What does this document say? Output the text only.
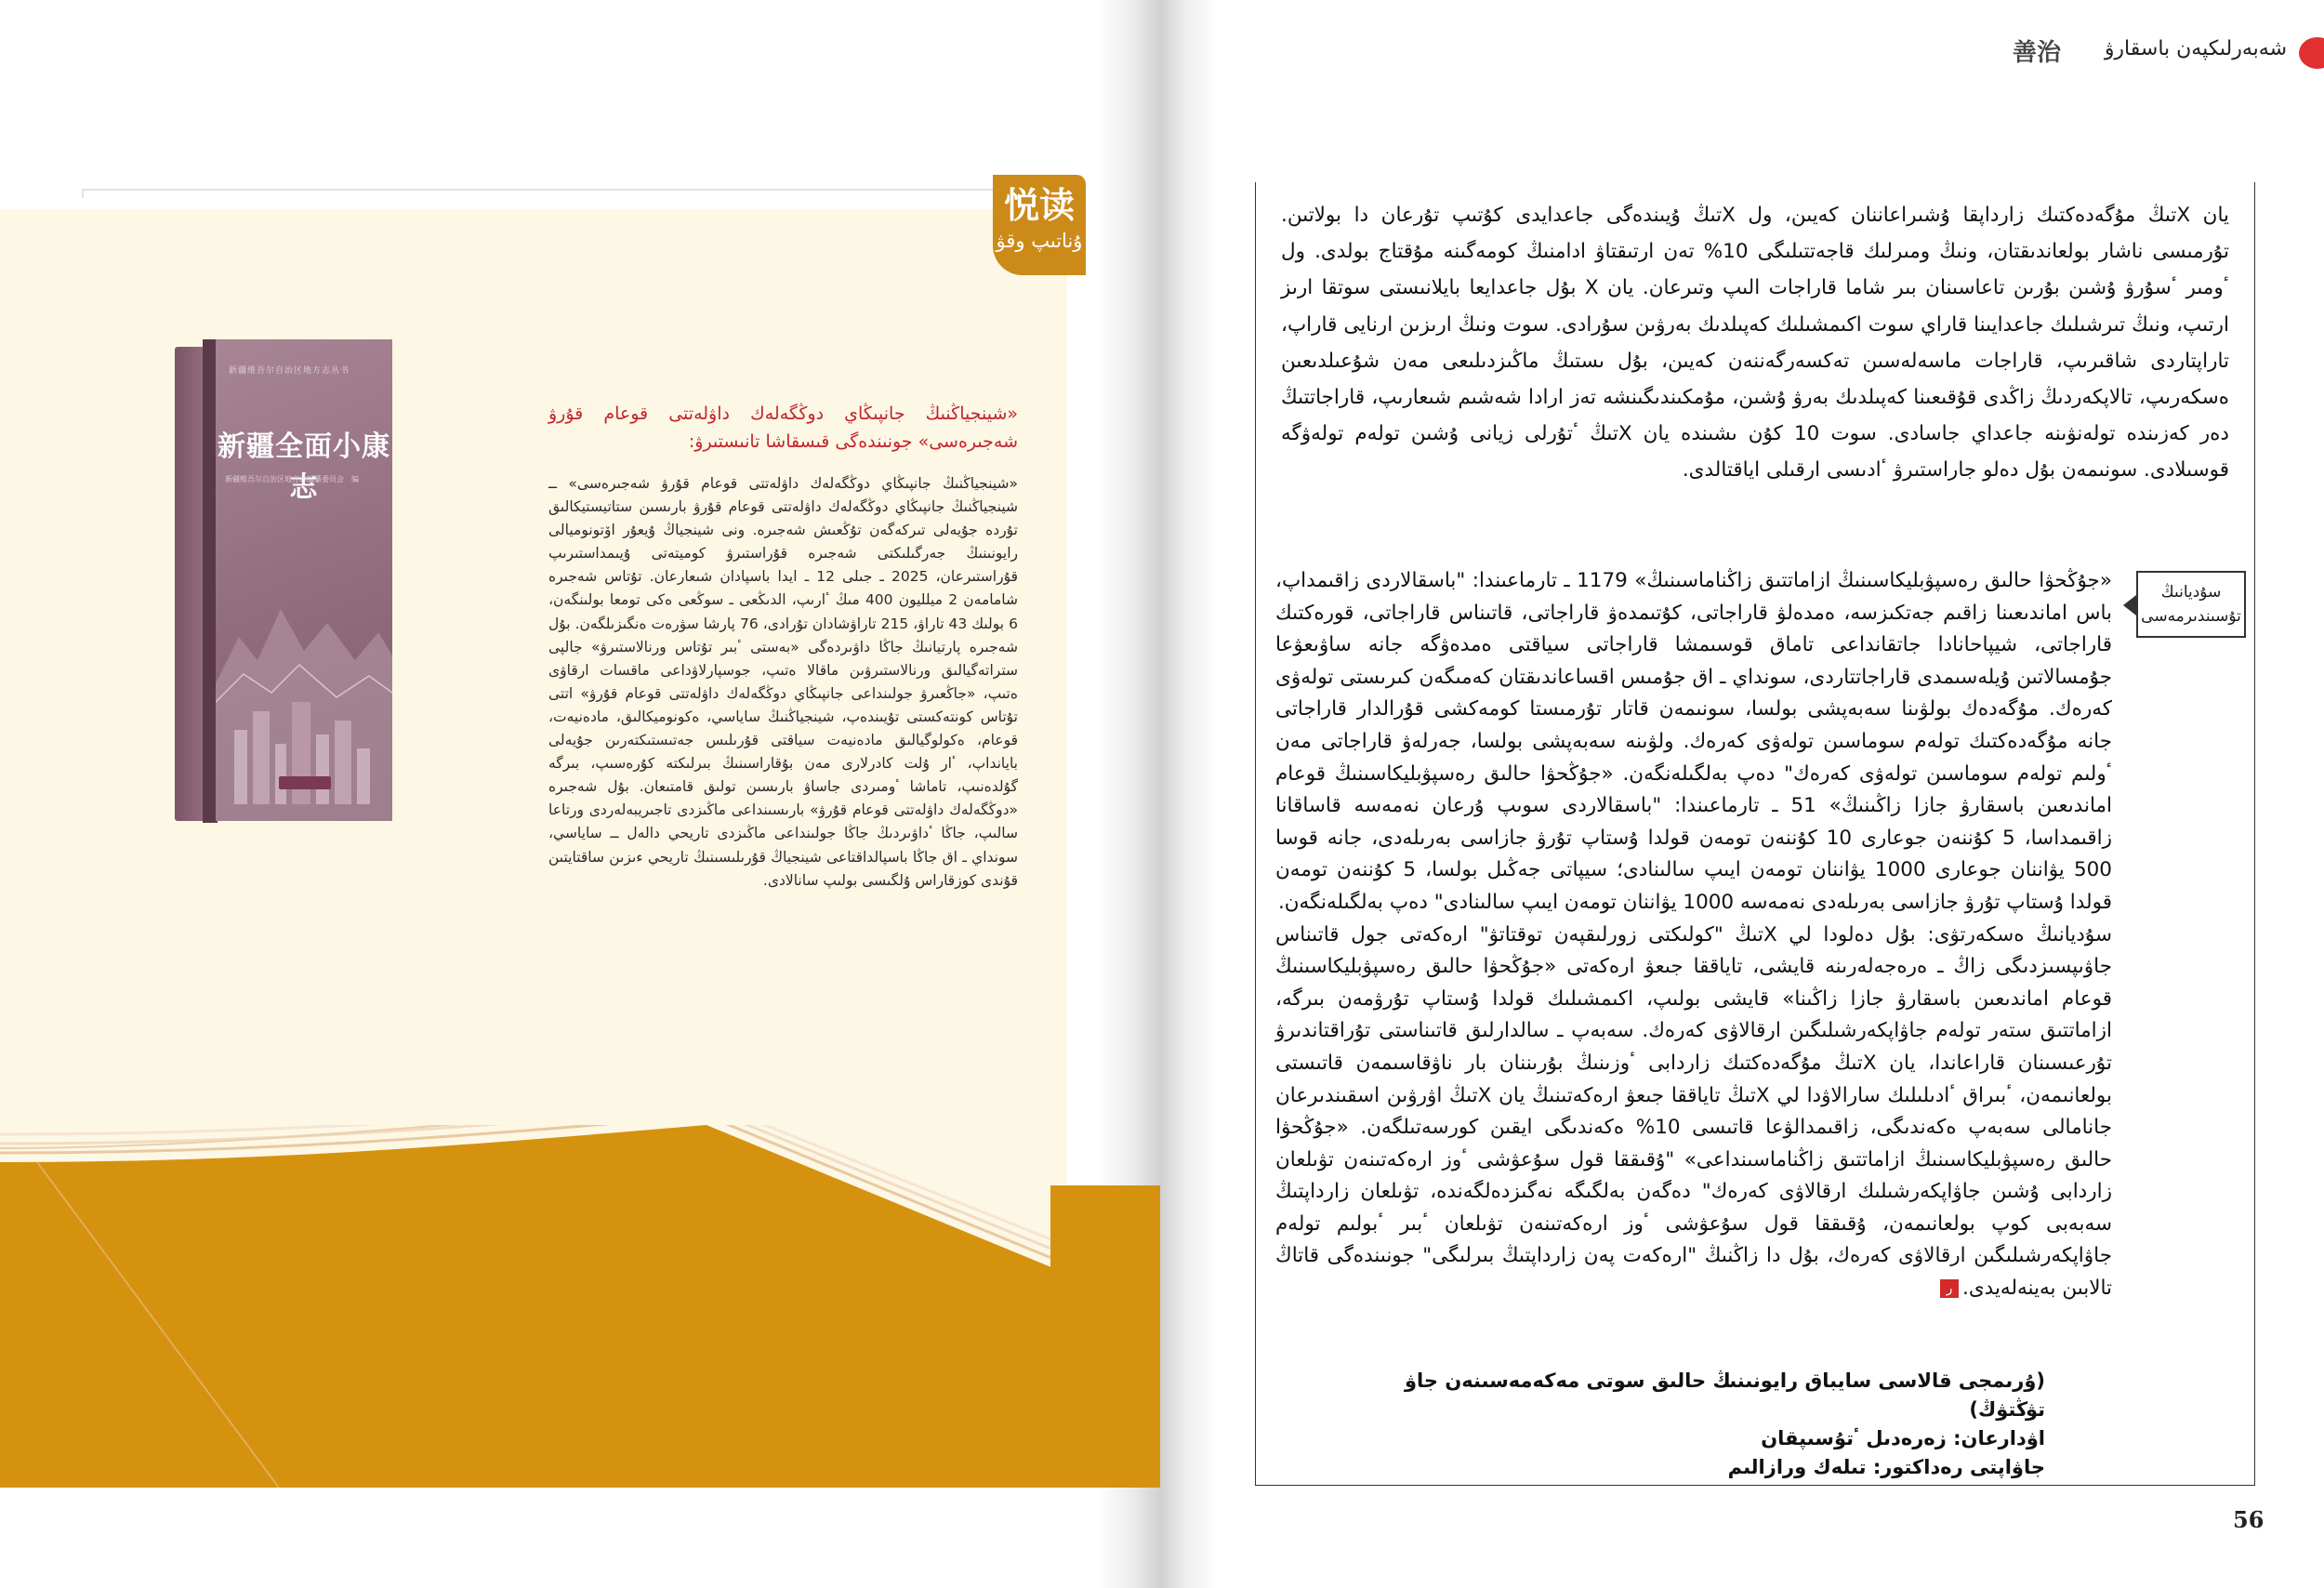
悦读
ۇناتىپ وقۋ
新疆维吾尔自治区地方志丛书
新疆全面小康志
新疆维吾尔自治区地方志编纂委员会　编
«شينجياڭنىڭ جانپىڭاي دوڭگەلەك داۋلەتتى قوعام قۇرۋ شەجىرەسى» جونىندەگى قىسقاشا تانىستىرۋ:
«شينجياڭنىڭ جانپىڭاي دوڭگەلەك داۋلەتتى قوعام قۇرۋ شەجىرەسى» ــ شينجياڭنىڭ جانپىڭاي دوڭگەلەك داۋلەتتى قوعام قۇرۋ بارىسىن ستاتيستيكالىق تۇردە جۇيەلى تىركەگەن تۇڭعىش شەجىرە. ونى شينجياڭ ۇيعۇر اۆتونوميالى رايونىنىڭ جەرگىلىكتى شەجىرە قۇراستىرۋ كوميتەتى ۇيىمداستىرىپ قۇراستىرعان، 2025 ـ جىلى 12 ـ ايدا باسپادان شىعارعان. تۇتاس شەجىرە شامامەن 2 ميلليون 400 مىڭ ٴارىپ، الدىڭعى ـ سوڭعى ەكى تومعا بولىنگەن، 6 بولىك 43 تاراۋ، 215 تاراۋشادان تۇرادى، 76 پارشا سۋرەت ەنگىزىلگەن. بۇل شەجىرە پارتيانىڭ جاڭا داۋىردەگى «بەستى ٴبىر تۇتاس ورنالاستىرۋ» جالپى ستراتەگيالىق ورنالاستىرۋىن ماقالا ەتىپ، جوسپارلاۋداعى ماقسات ارقاۋى ەتىپ، «جاڭعىرۋ جولىنداعى جانپىڭاي دوڭگەلەك داۋلەتتى قوعام قۇرۋ» اتتى تۇتاس كونتەكستى تۇيىندەپ، شينجياڭنىڭ ساياسي، ەكونوميكالىق، مادەنيەت، قوعام، ەكولوگيالىق مادەنيەت سياقتى قۇرىلىس جەتىستىكتەرىن جۇيەلى بايانداپ، ٴار ۇلت كادرلارى مەن بۇقاراسىنىڭ بىرلىكتە كۇرەسىپ، بىرگە گۇلدەنىپ، تاماشا ٴومىردى جاساۋ بارىسىن تولىق قامتىعان. بۇل شەجىرە «دوڭگەلەك داۋلەتتى قوعام قۇرۋ» بارىسىنداعى ماڭىزدى تاجىريبەلەردى ورتاعا سالىپ، جاڭا ٴداۋىردىڭ جاڭا جولىنداعى ماڭىزدى تاريحي دالەل ــ ساياسي، سونداي ـ اق جاڭا باسپالداقتاعى شينجياڭ قۇرىلىسىنىڭ تاريحي ءىزىن ساقتايتىن قۇندى كوزقاراس ۇلگىسى بولىپ سانالادى.
善治	شەبەرلىكپەن باسقارۋ
يان Xتىڭ مۇگەدەكتىك زارداپقا ۇشىراعاننان كەيىن، ول Xتىڭ ۇيىندەگى جاعدايدى كۇتىپ تۇرعان دا بولاتىن. تۇرمىسى ناشار بولعاندىقتان، ونىڭ ومىرلىك قاجەتتىلىگى 10% تەن ارتىقتاۋ ادامنىڭ كومەگىنە مۇقتاج بولدى. ول ٴومىر ٴسۇرۋ ۇشىن بۇرىن تاعاسىنان بىر شاما قاراجات الىپ وتىرعان. يان X بۇل جاعدايعا بايلانىستى سوتقا ارىز ارتىپ، ونىڭ تىرشىلىك جاعدايىنا قاراي سوت اكىمشىلىك كەپىلدىك بەرۋىن سۇرادى. سوت ونىڭ ارىزىن ارنايى قاراپ، تاراپتاردى شاقىرىپ، قاراجات ماسەلەسىن تەكسەرگەننەن كەيىن، بۇل ىستىڭ ماڭىزدىلىعى مەن شۇعىلدىعىن ەسكەرىپ، تالاپكەردىڭ زاڭدى قۇقىعىنا كەپىلدىك بەرۋ ۇشىن، مۇمكىندىگىنشە تەز ارادا شەشىم شىعارىپ، قاراجاتتىڭ دەر كەزىندە تولەنۋىنە جاعداي جاسادى. سوت 10 كۇن ىشىندە يان Xتىڭ ٴتۇرلى زيانى ۇشىن تولەم تولەۋگە قوسىلادى. سونىمەن بۇل دەلو جاراستىرۋ ٴادىسى ارقىلى اياقتالدى.
سۇديانىڭ تۇسىندىرمەسى

«جۇڭحۋا حالىق رەسپۋبليكاسىنىڭ ازاماتتىق زاڭناماسىنىڭ» 1179 ـ تارماعىندا: "باسقالاردى زاقىمداپ، باس اماندىعىنا زاقىم جەتكىزسە، ەمدەلۋ قاراجاتى، كۇتىمدەۋ قاراجاتى، قاتىناس قاراجاتى، قورەكتىك قاراجاتى، شيپاحانادا جاتقانداعى تاماق قوسىمشا قاراجاتى سياقتى ەمدەۋگە جانە ساۋىعۋعا جۇمسالاتىن ۇيلەسىمدى قاراجاتتاردى، سونداي ـ اق جۇمىس اقساعاندىقتان كەمىگەن كىرىستى تولەۋى كەرەك. مۇگەدەك بولۋىنا سەبەپشى بولسا، سونىمەن قاتار تۇرمىستا كومەكشى قۇرالدار قاراجاتى جانە مۇگەدەكتىك تولەم سوماسىن تولەۋى كەرەك. ولۋىنە سەبەپشى بولسا، جەرلەۋ قاراجاتى مەن ٴولىم تولەم سوماسىن تولەۋى كەرەك" دەپ بەلگىلەنگەن. «جۇڭحۋا حالىق رەسپۋبليكاسىنىڭ قوعام اماندىعىن باسقارۋ جازا زاڭىنىڭ» 51 ـ تارماعىندا: "باسقالاردى سوىپ ۇرعان نەمەسە قاساقانا زاقىمداسا، 5 كۇننەن جوعارى 10 كۇننەن تومەن قولدا ۇستاپ تۇرۋ جازاسى بەرىلەدى، جانە قوسا 500 يۋاننان جوعارى 1000 يۋاننان تومەن ايىپ سالىنادى؛ سيپاتى جەڭىل بولسا، 5 كۇننەن تومەن قولدا ۇستاپ تۇرۋ جازاسى بەرىلەدى نەمەسە 1000 يۋاننان تومەن ايىپ سالىنادى" دەپ بەلگىلەنگەن.

سۇديانىڭ ەسكەرتۋى: بۇل دەلودا لي Xتىڭ "كولىكتى زورلىقپەن توقتاتۋ" ارەكەتى جول قاتىناس جاۋىپسىزدىگى زاڭ ـ ەرەجەلەرىنە قايشى، تاياققا جىعۋ ارەكەتى «جۇڭحۋا حالىق رەسپۋبليكاسىنىڭ قوعام اماندىعىن باسقارۋ جازا زاڭىنا» قايشى بولىپ، اكىمشىلىك قولدا ۇستاپ تۇرۋمەن بىرگە، ازاماتتىق ستەر تولەم جاۋاپكەرشىلىگىن ارقالاۋى كەرەك. سەبەپ ـ سالدارلىق قاتىناستى تۇراقتاندىرۋ تۇرعىسىنان قاراعاندا، يان Xتىڭ مۇگەدەكتىك زاردابى ٴوزىنىڭ بۇرىننان بار ناۋقاسىمەن قاتىستى بولعانىمەن، ٴبىراق ٴادىلىلىك سارالاۋدا لي Xتىڭ تاياققا جىعۋ ارەكەتىنىڭ يان Xتىڭ اۋرۋىن اسقىندىرعان جانامالى سەبەپ ەكەندىگى، زاقىمدالۋعا قاتىسى 10% ەكەندىگى ايقىن كورسەتىلگەن. «جۇڭحۋا حالىق رەسپۋبليكاسىنىڭ ازاماتتىق زاڭناماسىنداعى» "ۇقىققا قول سۇعۋشى ٴوز ارەكەتىنەن تۋىلعان زاردابى ۇشىن جاۋاپكەرشىلىك ارقالاۋى كەرەك" دەگەن بەلگىگە نەگىزدەلگەندە، تۋىلعان زارداپتىڭ سەبەبى كوپ بولعانىمەن، ۇقىققا قول سۇعۋشى ٴوز ارەكەتىنەن تۋىلعان ٴبىر ٴبولىم تولەم جاۋاپكەرشىلىگىن ارقالاۋى كەرەك، بۇل دا زاڭنىڭ "ارەكەت پەن زارداپتىڭ بىرلىگى" جونىندەگى قاتاڭ تالابىن بەينەلەيدى.ر

(ۇرىمجى قالاسى سايباق رايونىنىڭ حالىق سوتى مەكەمەسىنەن جاۋ تۋڭتۋڭ)
اۋدارعان: زەرەدىل ٴتۇسىپقان
جاۋاپتى رەداكتور: تىلەك ورازالىم
56
